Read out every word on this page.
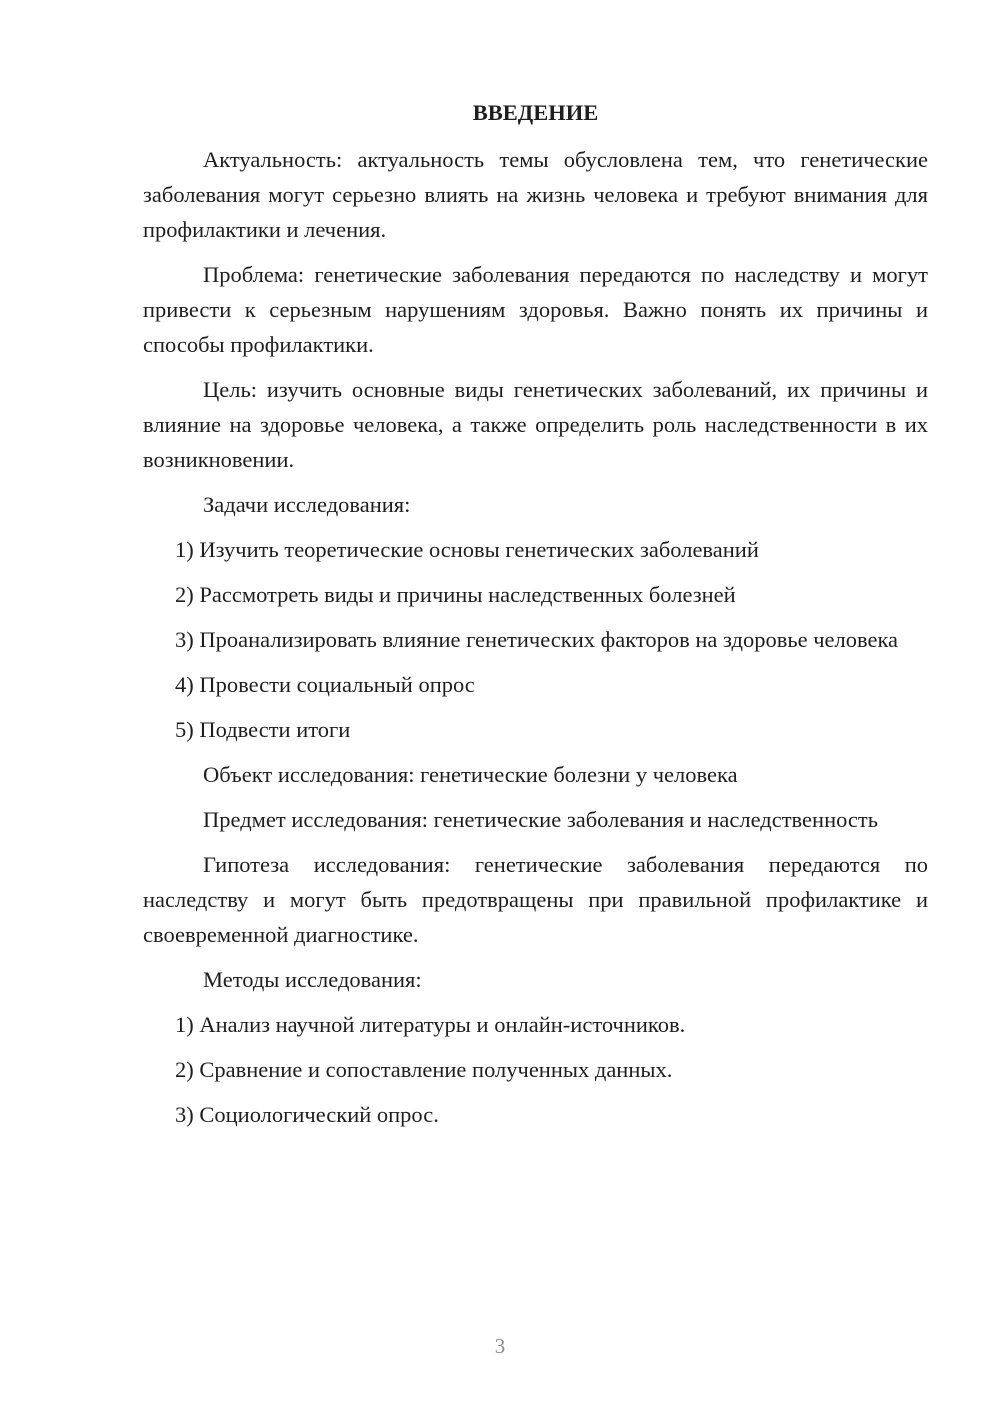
ВВЕДЕНИЕ

Актуальность: актуальность темы обусловлена тем, что генетические заболевания могут серьезно влиять на жизнь человека и требуют внимания для профилактики и лечения.

Проблема: генетические заболевания передаются по наследству и могут привести к серьезным нарушениям здоровья. Важно понять их причины и способы профилактики.

Цель: изучить основные виды генетических заболеваний, их причины и влияние на здоровье человека, а также определить роль наследственности в их возникновении.

Задачи исследования:

1) Изучить теоретические основы генетических заболеваний

2) Рассмотреть виды и причины наследственных болезней

3) Проанализировать влияние генетических факторов на здоровье человека

4) Провести социальный опрос

5) Подвести итоги

Объект исследования: генетические болезни у человека

Предмет исследования: генетические заболевания и наследственность

Гипотеза исследования: генетические заболевания передаются по наследству и могут быть предотвращены при правильной профилактике и своевременной диагностике.

Методы исследования:

1) Анализ научной литературы и онлайн-источников.

2) Сравнение и сопоставление полученных данных.

3) Социологический опрос.

3
